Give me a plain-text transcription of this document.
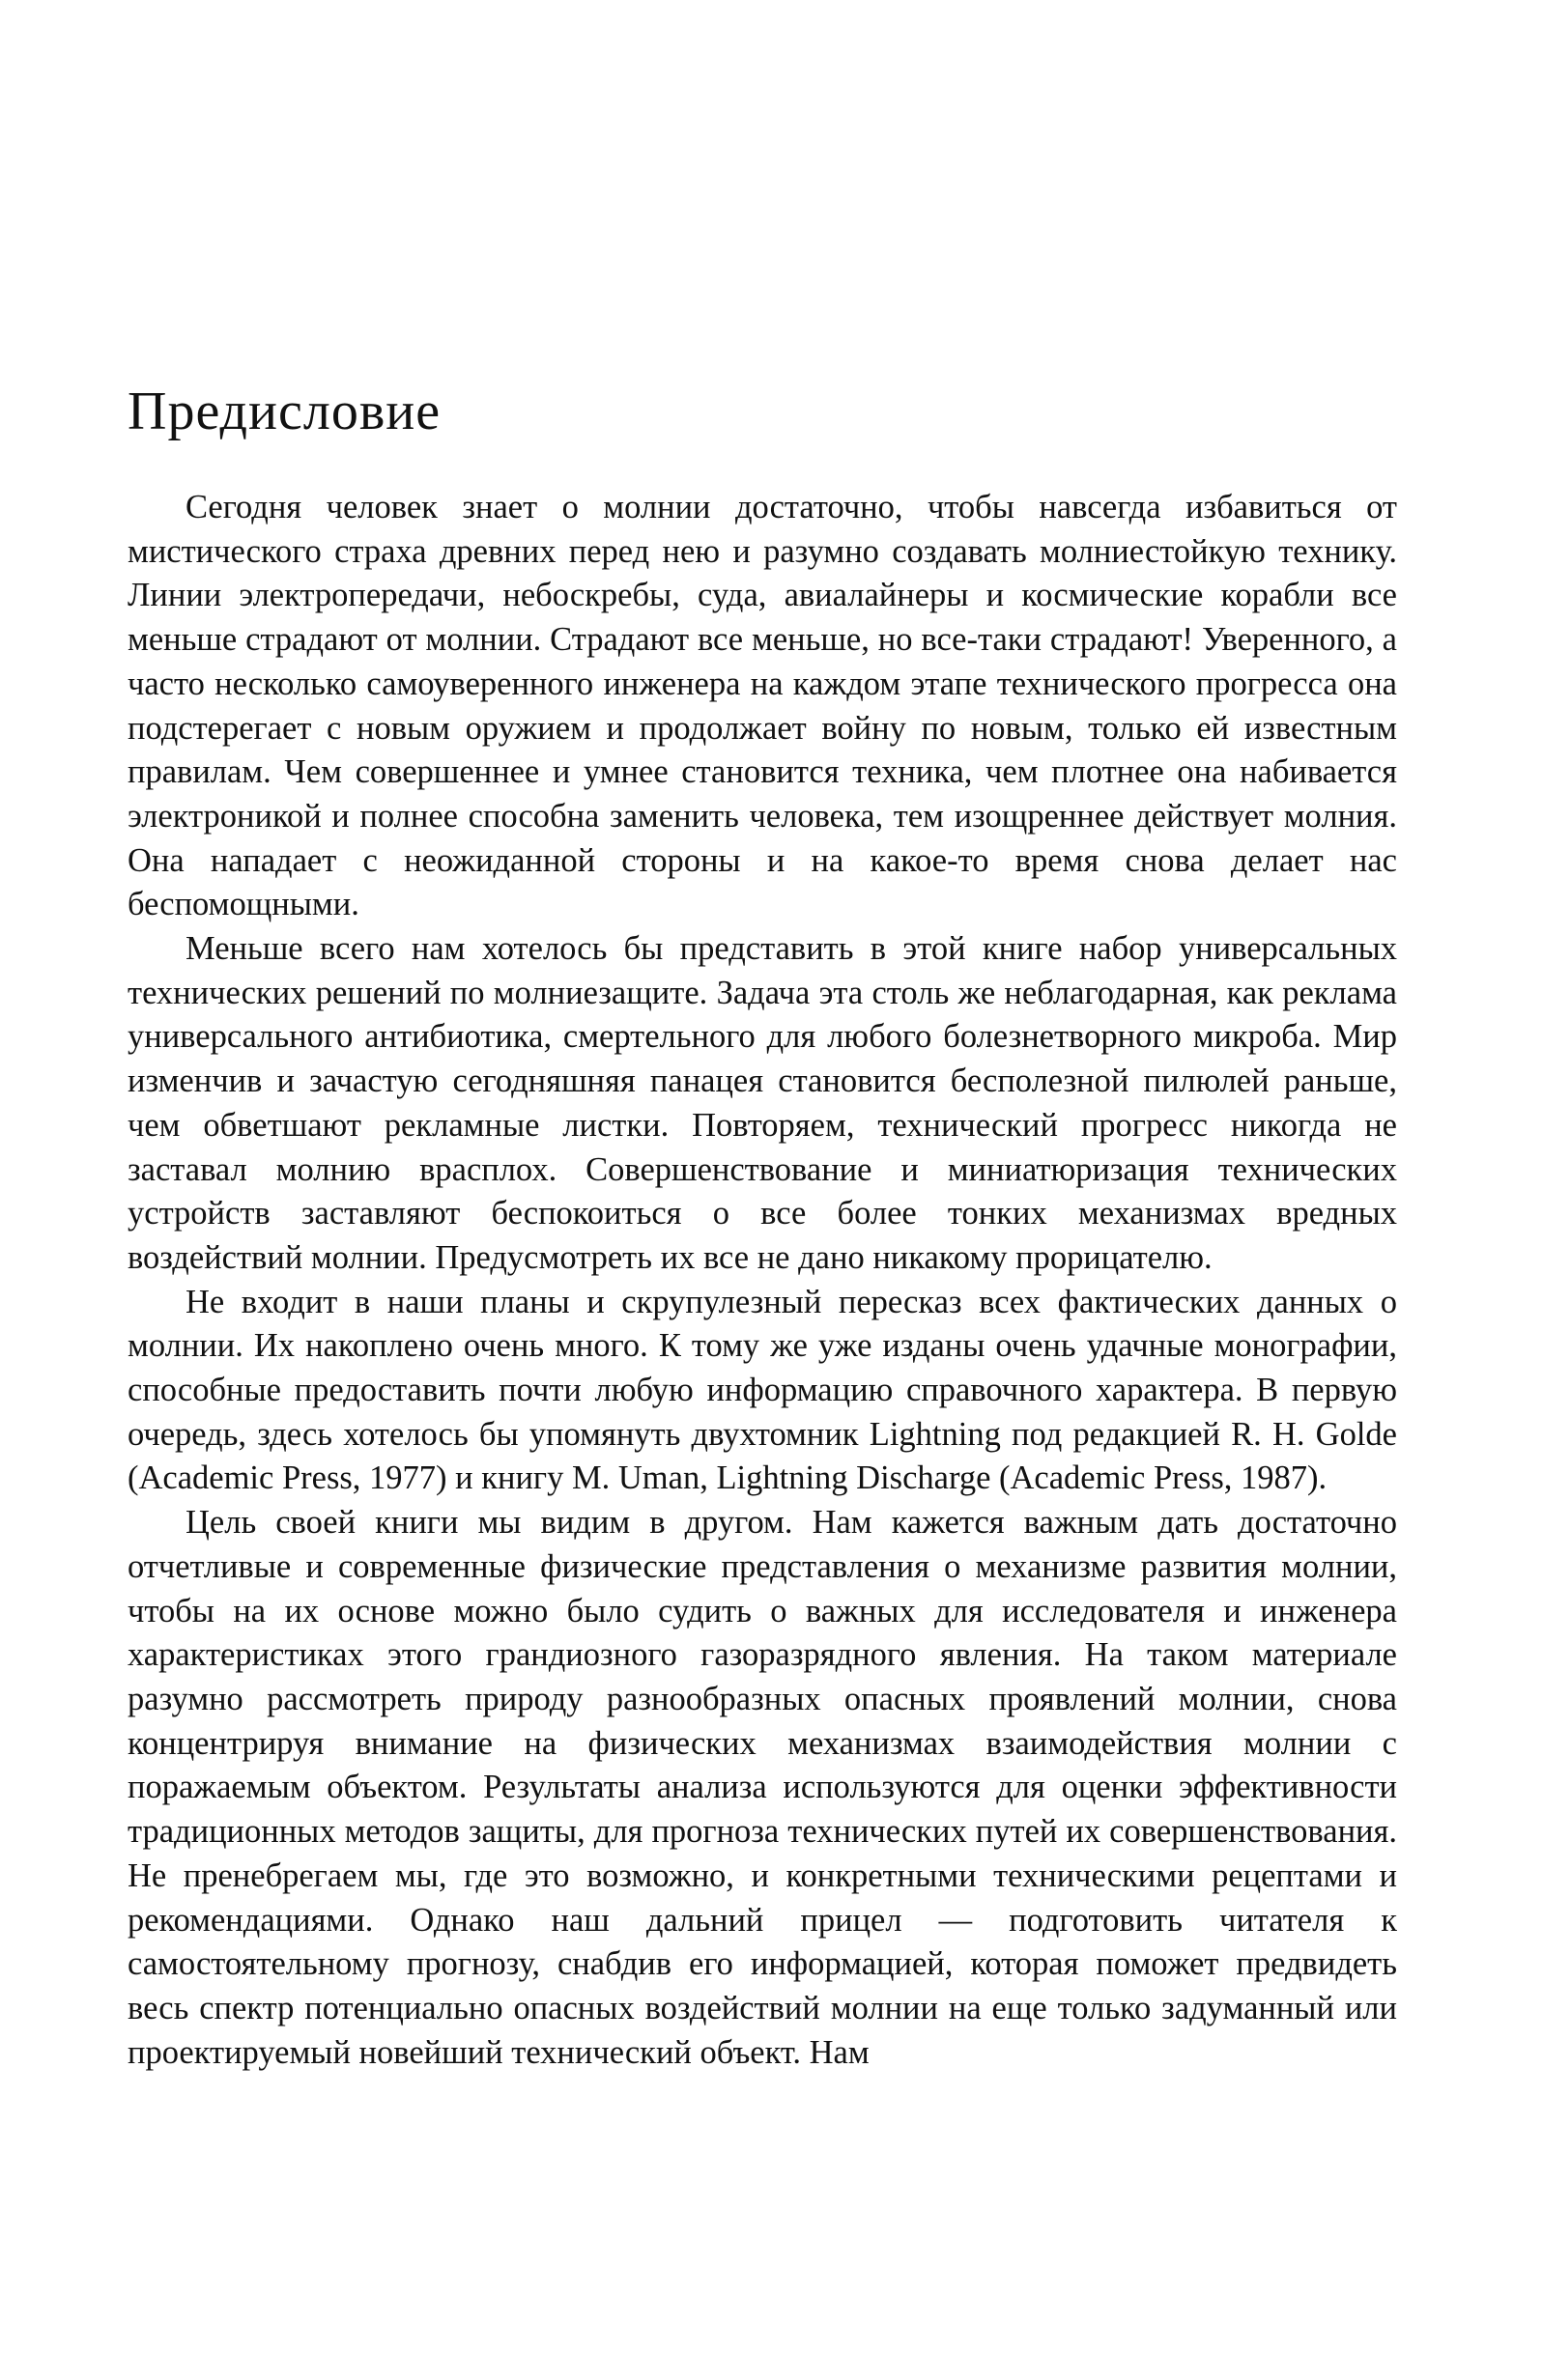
Предисловие

Сегодня человек знает о молнии достаточно, чтобы навсегда избавиться от мистического страха древних перед нею и разумно создавать молниестойкую технику. Линии электропередачи, небоскребы, суда, авиалайнеры и космические корабли все меньше страдают от молнии. Страдают все меньше, но все-таки страдают! Уверенного, а часто несколько самоуверенного инженера на каждом этапе технического прогресса она подстерегает с новым оружием и продолжает войну по новым, только ей известным правилам. Чем совершеннее и умнее становится техника, чем плотнее она набивается электроникой и полнее способна заменить человека, тем изощреннее действует молния. Она нападает с неожиданной стороны и на какое-то время снова делает нас беспомощными.

Меньше всего нам хотелось бы представить в этой книге набор универсальных технических решений по молниезащите. Задача эта столь же неблагодарная, как реклама универсального антибиотика, смертельного для любого болезнетворного микроба. Мир изменчив и зачастую сегодняшняя панацея становится бесполезной пилюлей раньше, чем обветшают рекламные листки. Повторяем, технический прогресс никогда не заставал молнию врасплох. Совершенствование и миниатюризация технических устройств заставляют беспокоиться о все более тонких механизмах вредных воздействий молнии. Предусмотреть их все не дано никакому прорицателю.

Не входит в наши планы и скрупулезный пересказ всех фактических данных о молнии. Их накоплено очень много. К тому же уже изданы очень удачные монографии, способные предоставить почти любую информацию справочного характера. В первую очередь, здесь хотелось бы упомянуть двухтомник Lightning под редакцией R. H. Golde (Academic Press, 1977) и книгу M. Uman, Lightning Discharge (Academic Press, 1987).

Цель своей книги мы видим в другом. Нам кажется важным дать достаточно отчетливые и современные физические представления о механизме развития молнии, чтобы на их основе можно было судить о важных для исследователя и инженера характеристиках этого грандиозного газоразрядного явления. На таком материале разумно рассмотреть природу разнообразных опасных проявлений молнии, снова концентрируя внимание на физических механизмах взаимодействия молнии с поражаемым объектом. Результаты анализа используются для оценки эффективности традиционных методов защиты, для прогноза технических путей их совершенствования. Не пренебрегаем мы, где это возможно, и конкретными техническими рецептами и рекомендациями. Однако наш дальний прицел — подготовить читателя к самостоятельному прогнозу, снабдив его информацией, которая поможет предвидеть весь спектр потенциально опасных воздействий молнии на еще только задуманный или проектируемый новейший технический объект. Нам
